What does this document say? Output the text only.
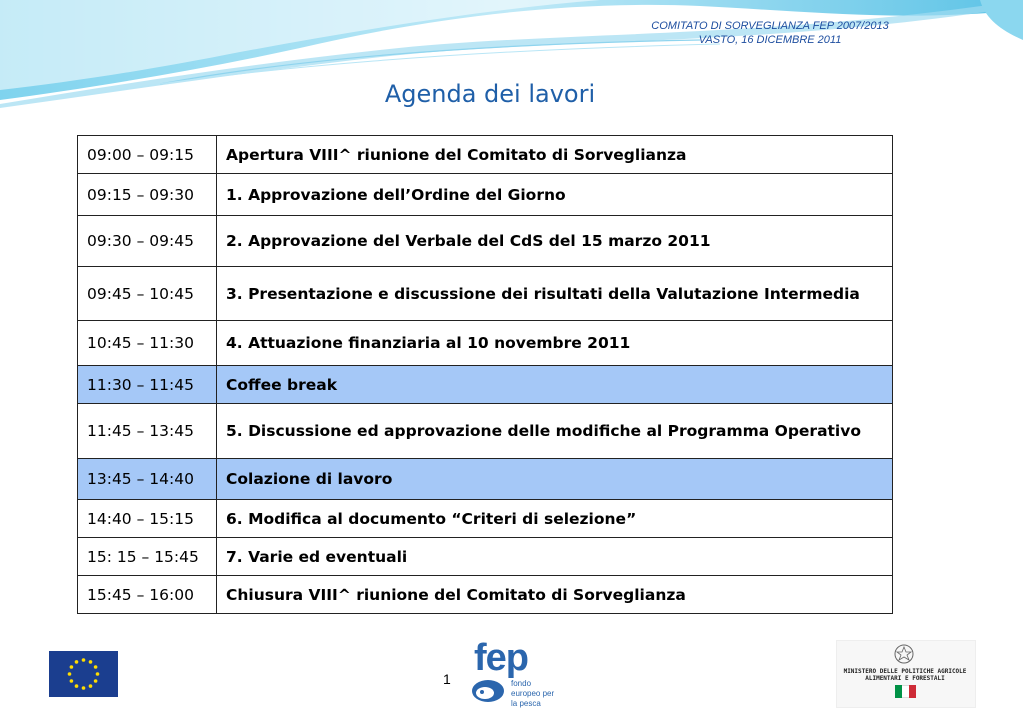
COMITATO DI SORVEGLIANZA FEP 2007/2013
VASTO, 16 DICEMBRE 2011
Agenda dei lavori
09:00 – 09:15	Apertura VIII^ riunione del Comitato di Sorveglianza

09:15 – 09:30	1. Approvazione dell’Ordine del Giorno

09:30 – 09:45	2. Approvazione del Verbale del CdS del 15 marzo 2011

09:45 – 10:45	3. Presentazione e discussione dei risultati della Valutazione Intermedia

10:45 – 11:30	4. Attuazione finanziaria al 10 novembre 2011

11:30 – 11:45	Coffee break

11:45 – 13:45	5. Discussione ed approvazione delle modifiche al Programma Operativo

13:45 – 14:40	Colazione di lavoro

14:40 – 15:15	6. Modifica al documento “Criteri di selezione”

15: 15 – 15:45	7. Varie ed eventuali

15:45 – 16:00	Chiusura VIII^ riunione del Comitato di Sorveglianza
1 fep
fondo europeo per la pesca
MINISTERO DELLE POLITICHE AGRICOLE
ALIMENTARI E FORESTALI
